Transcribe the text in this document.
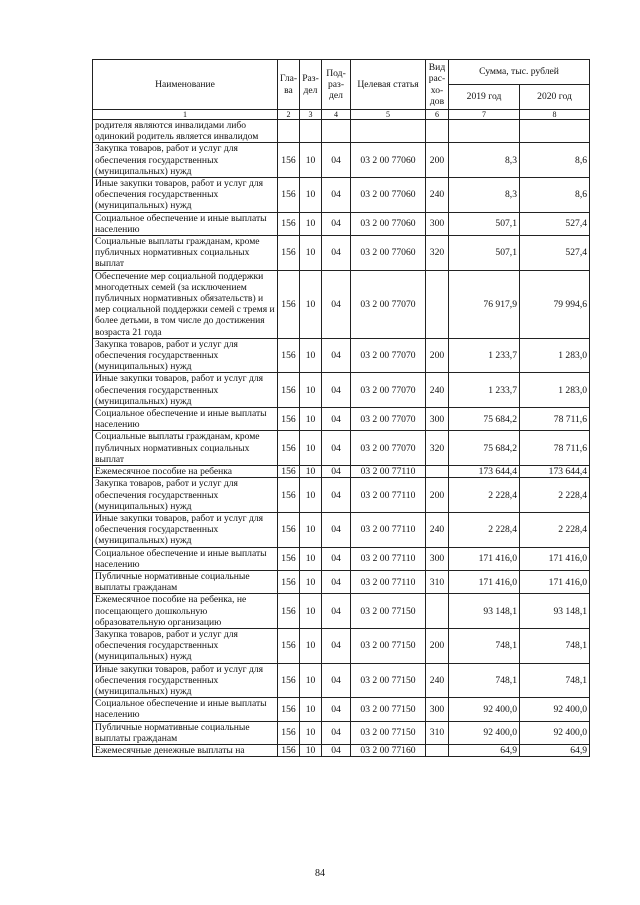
Наименование	Гла-ва	Раз-дел	Под-раз-дел	Целевая статья	Вид рас-хо-дов	Сумма, тыс. рублей	
						2019 год	2020 год
1	2	3	4	5	6	7	8
родителя являются инвалидами либо одинокий родитель является инвалидом							
Закупка товаров, работ и услуг для обеспечения государственных (муниципальных) нужд	156	10	04	03 2 00 77060	200	8,3	8,6
Иные закупки товаров, работ и услуг для обеспечения государственных (муниципальных) нужд	156	10	04	03 2 00 77060	240	8,3	8,6
Социальное обеспечение и иные выплаты населению	156	10	04	03 2 00 77060	300	507,1	527,4
Социальные выплаты гражданам, кроме публичных нормативных социальных выплат	156	10	04	03 2 00 77060	320	507,1	527,4
Обеспечение мер социальной поддержки многодетных семей (за исключением публичных нормативных обязательств) и мер социальной поддержки семей с тремя и более детьми, в том числе до достижения возраста 21 года	156	10	04	03 2 00 77070		76 917,9	79 994,6
Закупка товаров, работ и услуг для обеспечения государственных (муниципальных) нужд	156	10	04	03 2 00 77070	200	1 233,7	1 283,0
Иные закупки товаров, работ и услуг для обеспечения государственных (муниципальных) нужд	156	10	04	03 2 00 77070	240	1 233,7	1 283,0
Социальное обеспечение и иные выплаты населению	156	10	04	03 2 00 77070	300	75 684,2	78 711,6
Социальные выплаты гражданам, кроме публичных нормативных социальных выплат	156	10	04	03 2 00 77070	320	75 684,2	78 711,6
Ежемесячное пособие на ребенка	156	10	04	03 2 00 77110		173 644,4	173 644,4
Закупка товаров, работ и услуг для обеспечения государственных (муниципальных) нужд	156	10	04	03 2 00 77110	200	2 228,4	2 228,4
Иные закупки товаров, работ и услуг для обеспечения государственных (муниципальных) нужд	156	10	04	03 2 00 77110	240	2 228,4	2 228,4
Социальное обеспечение и иные выплаты населению	156	10	04	03 2 00 77110	300	171 416,0	171 416,0
Публичные нормативные социальные выплаты гражданам	156	10	04	03 2 00 77110	310	171 416,0	171 416,0
Ежемесячное пособие на ребенка, не посещающего дошкольную образовательную организацию	156	10	04	03 2 00 77150		93 148,1	93 148,1
Закупка товаров, работ и услуг для обеспечения государственных (муниципальных) нужд	156	10	04	03 2 00 77150	200	748,1	748,1
Иные закупки товаров, работ и услуг для обеспечения государственных (муниципальных) нужд	156	10	04	03 2 00 77150	240	748,1	748,1
Социальное обеспечение и иные выплаты населению	156	10	04	03 2 00 77150	300	92 400,0	92 400,0
Публичные нормативные социальные выплаты гражданам	156	10	04	03 2 00 77150	310	92 400,0	92 400,0
Ежемесячные денежные выплаты на	156	10	04	03 2 00 77160		64,9	64,9
84
